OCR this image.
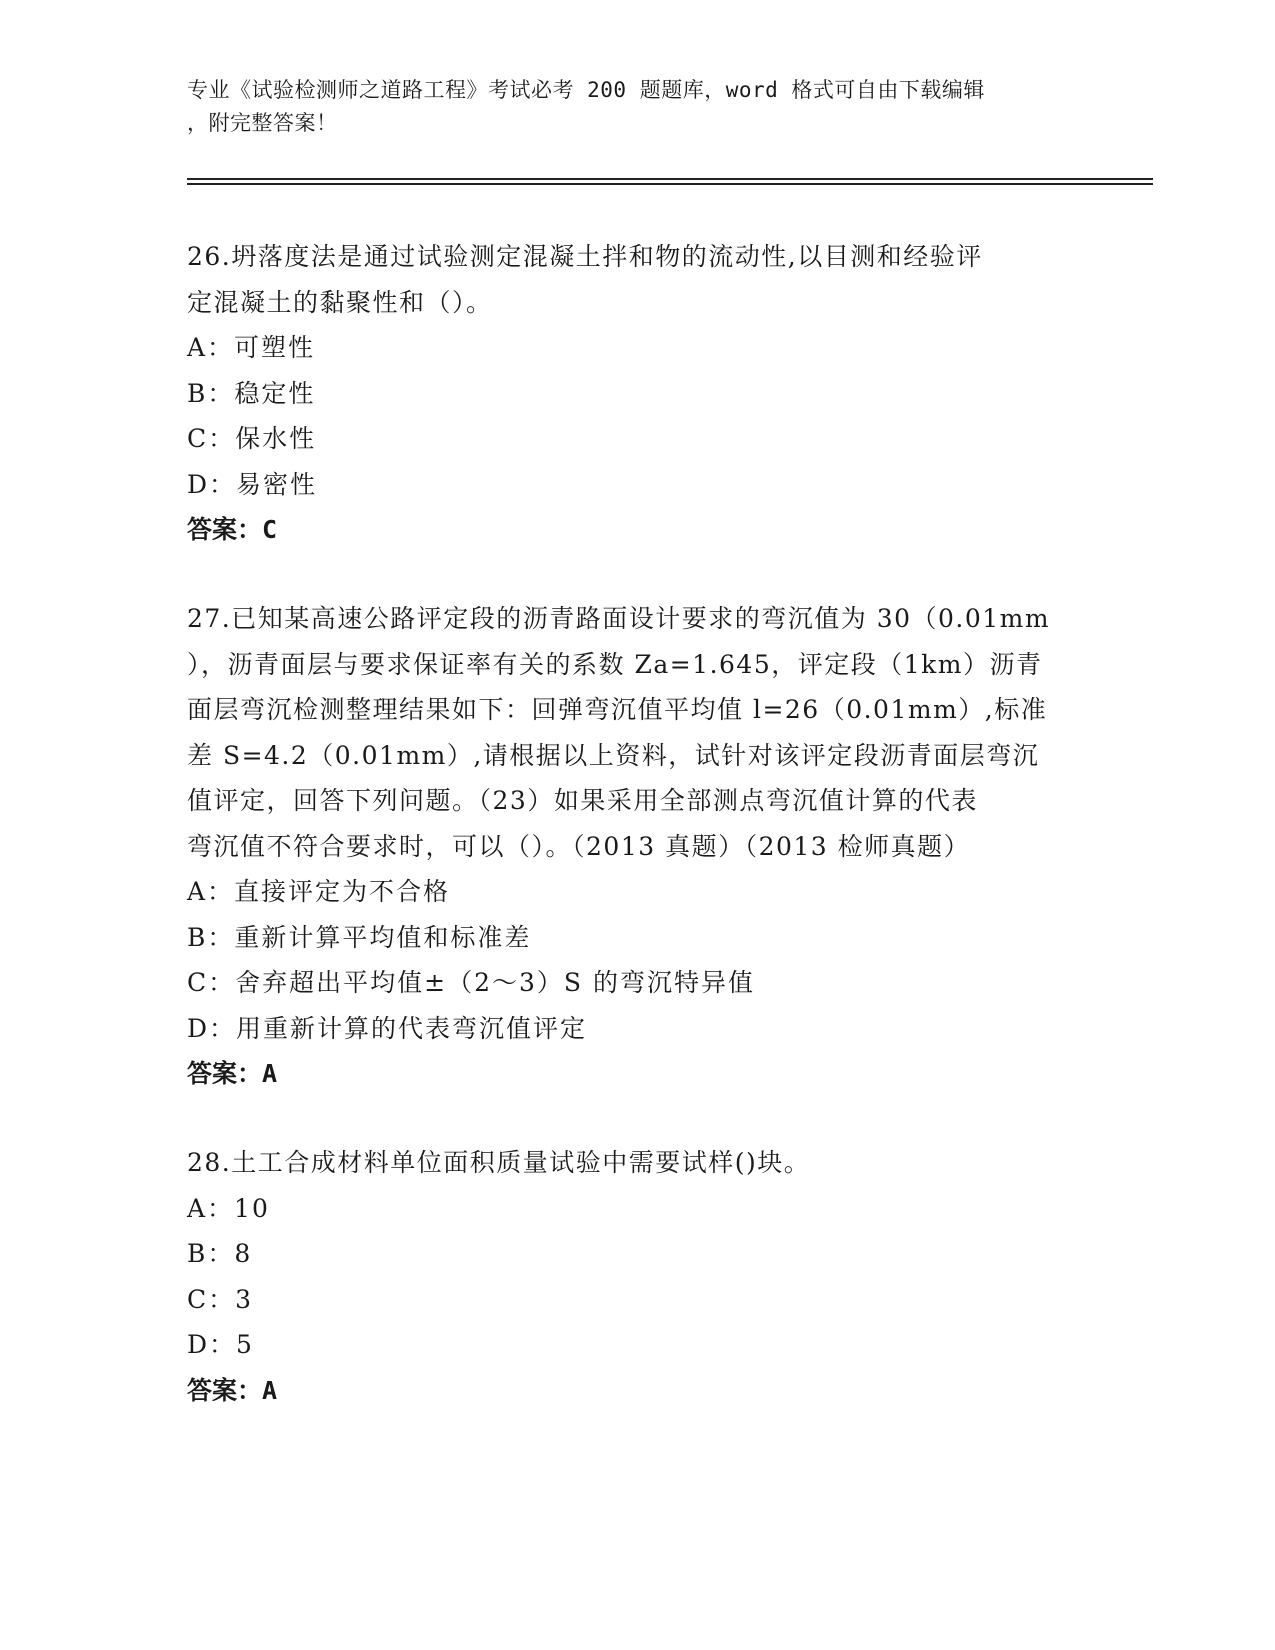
专业《试验检测师之道路工程》考试必考 200 题题库，word 格式可自由下载编辑
，附完整答案！
26.坍落度法是通过试验测定混凝土拌和物的流动性,以目测和经验评
定混凝土的黏聚性和（）。
A：可塑性
B：稳定性
C：保水性
D：易密性
答案：C
27.已知某高速公路评定段的沥青路面设计要求的弯沉值为 30（0.01mm
），沥青面层与要求保证率有关的系数 Za=1.645，评定段（1km）沥青
面层弯沉检测整理结果如下：回弹弯沉值平均值 l=26（0.01mm）,标准
差 S=4.2（0.01mm）,请根据以上资料，试针对该评定段沥青面层弯沉
值评定，回答下列问题。（23）如果采用全部测点弯沉值计算的代表
弯沉值不符合要求时，可以（）。（2013 真题）（2013 检师真题）
A：直接评定为不合格
B：重新计算平均值和标准差
C：舍弃超出平均值±（2～3）S 的弯沉特异值
D：用重新计算的代表弯沉值评定
答案：A
28.土工合成材料单位面积质量试验中需要试样()块。
A：10
B：8
C：3
D：5
答案：A
